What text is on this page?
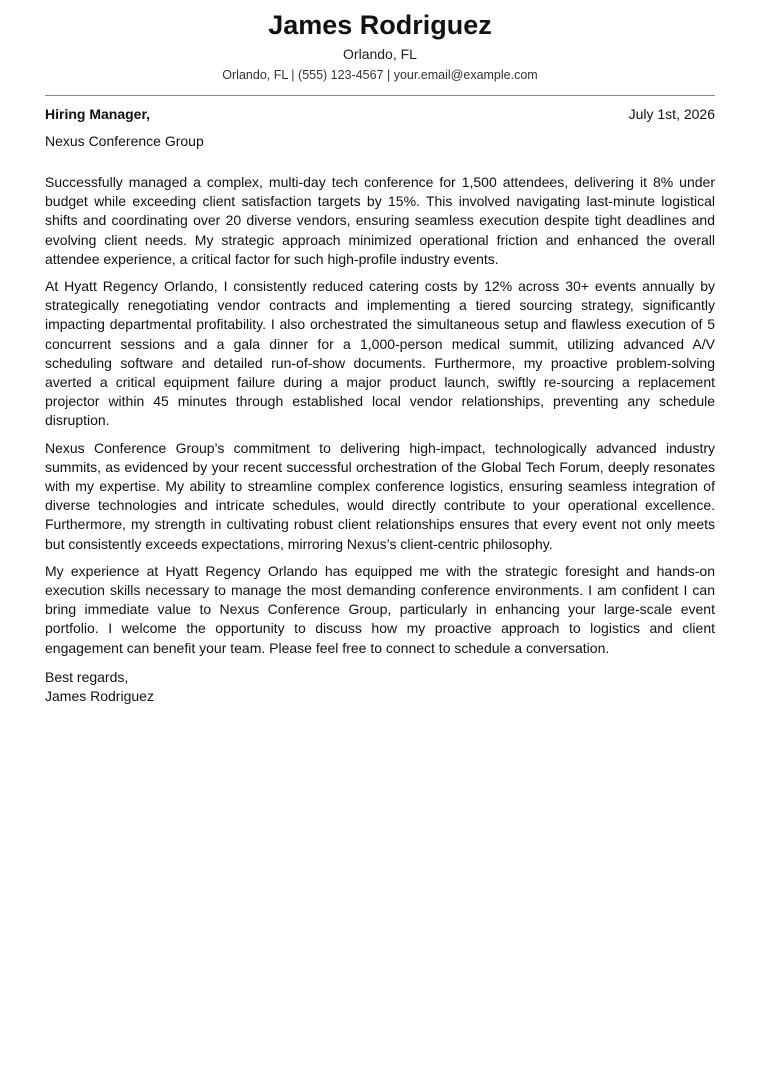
James Rodriguez
Orlando, FL
Orlando, FL | (555) 123-4567 | your.email@example.com
Hiring Manager,	July 1st, 2026
Nexus Conference Group

Successfully managed a complex, multi-day tech conference for 1,500 attendees, delivering it 8% under budget while exceeding client satisfaction targets by 15%. This involved navigating last-minute logistical shifts and coordinating over 20 diverse vendors, ensuring seamless execution despite tight deadlines and evolving client needs. My strategic approach minimized operational friction and enhanced the overall attendee experience, a critical factor for such high-profile industry events.

At Hyatt Regency Orlando, I consistently reduced catering costs by 12% across 30+ events annually by strategically renegotiating vendor contracts and implementing a tiered sourcing strategy, significantly impacting departmental profitability. I also orchestrated the simultaneous setup and flawless execution of 5 concurrent sessions and a gala dinner for a 1,000-person medical summit, utilizing advanced A/V scheduling software and detailed run-of-show documents. Furthermore, my proactive problem-solving averted a critical equipment failure during a major product launch, swiftly re-sourcing a replacement projector within 45 minutes through established local vendor relationships, preventing any schedule disruption.

Nexus Conference Group’s commitment to delivering high-impact, technologically advanced industry summits, as evidenced by your recent successful orchestration of the Global Tech Forum, deeply resonates with my expertise. My ability to streamline complex conference logistics, ensuring seamless integration of diverse technologies and intricate schedules, would directly contribute to your operational excellence. Furthermore, my strength in cultivating robust client relationships ensures that every event not only meets but consistently exceeds expectations, mirroring Nexus’s client-centric philosophy.

My experience at Hyatt Regency Orlando has equipped me with the strategic foresight and hands-on execution skills necessary to manage the most demanding conference environments. I am confident I can bring immediate value to Nexus Conference Group, particularly in enhancing your large-scale event portfolio. I welcome the opportunity to discuss how my proactive approach to logistics and client engagement can benefit your team. Please feel free to connect to schedule a conversation.

Best regards,
James Rodriguez
